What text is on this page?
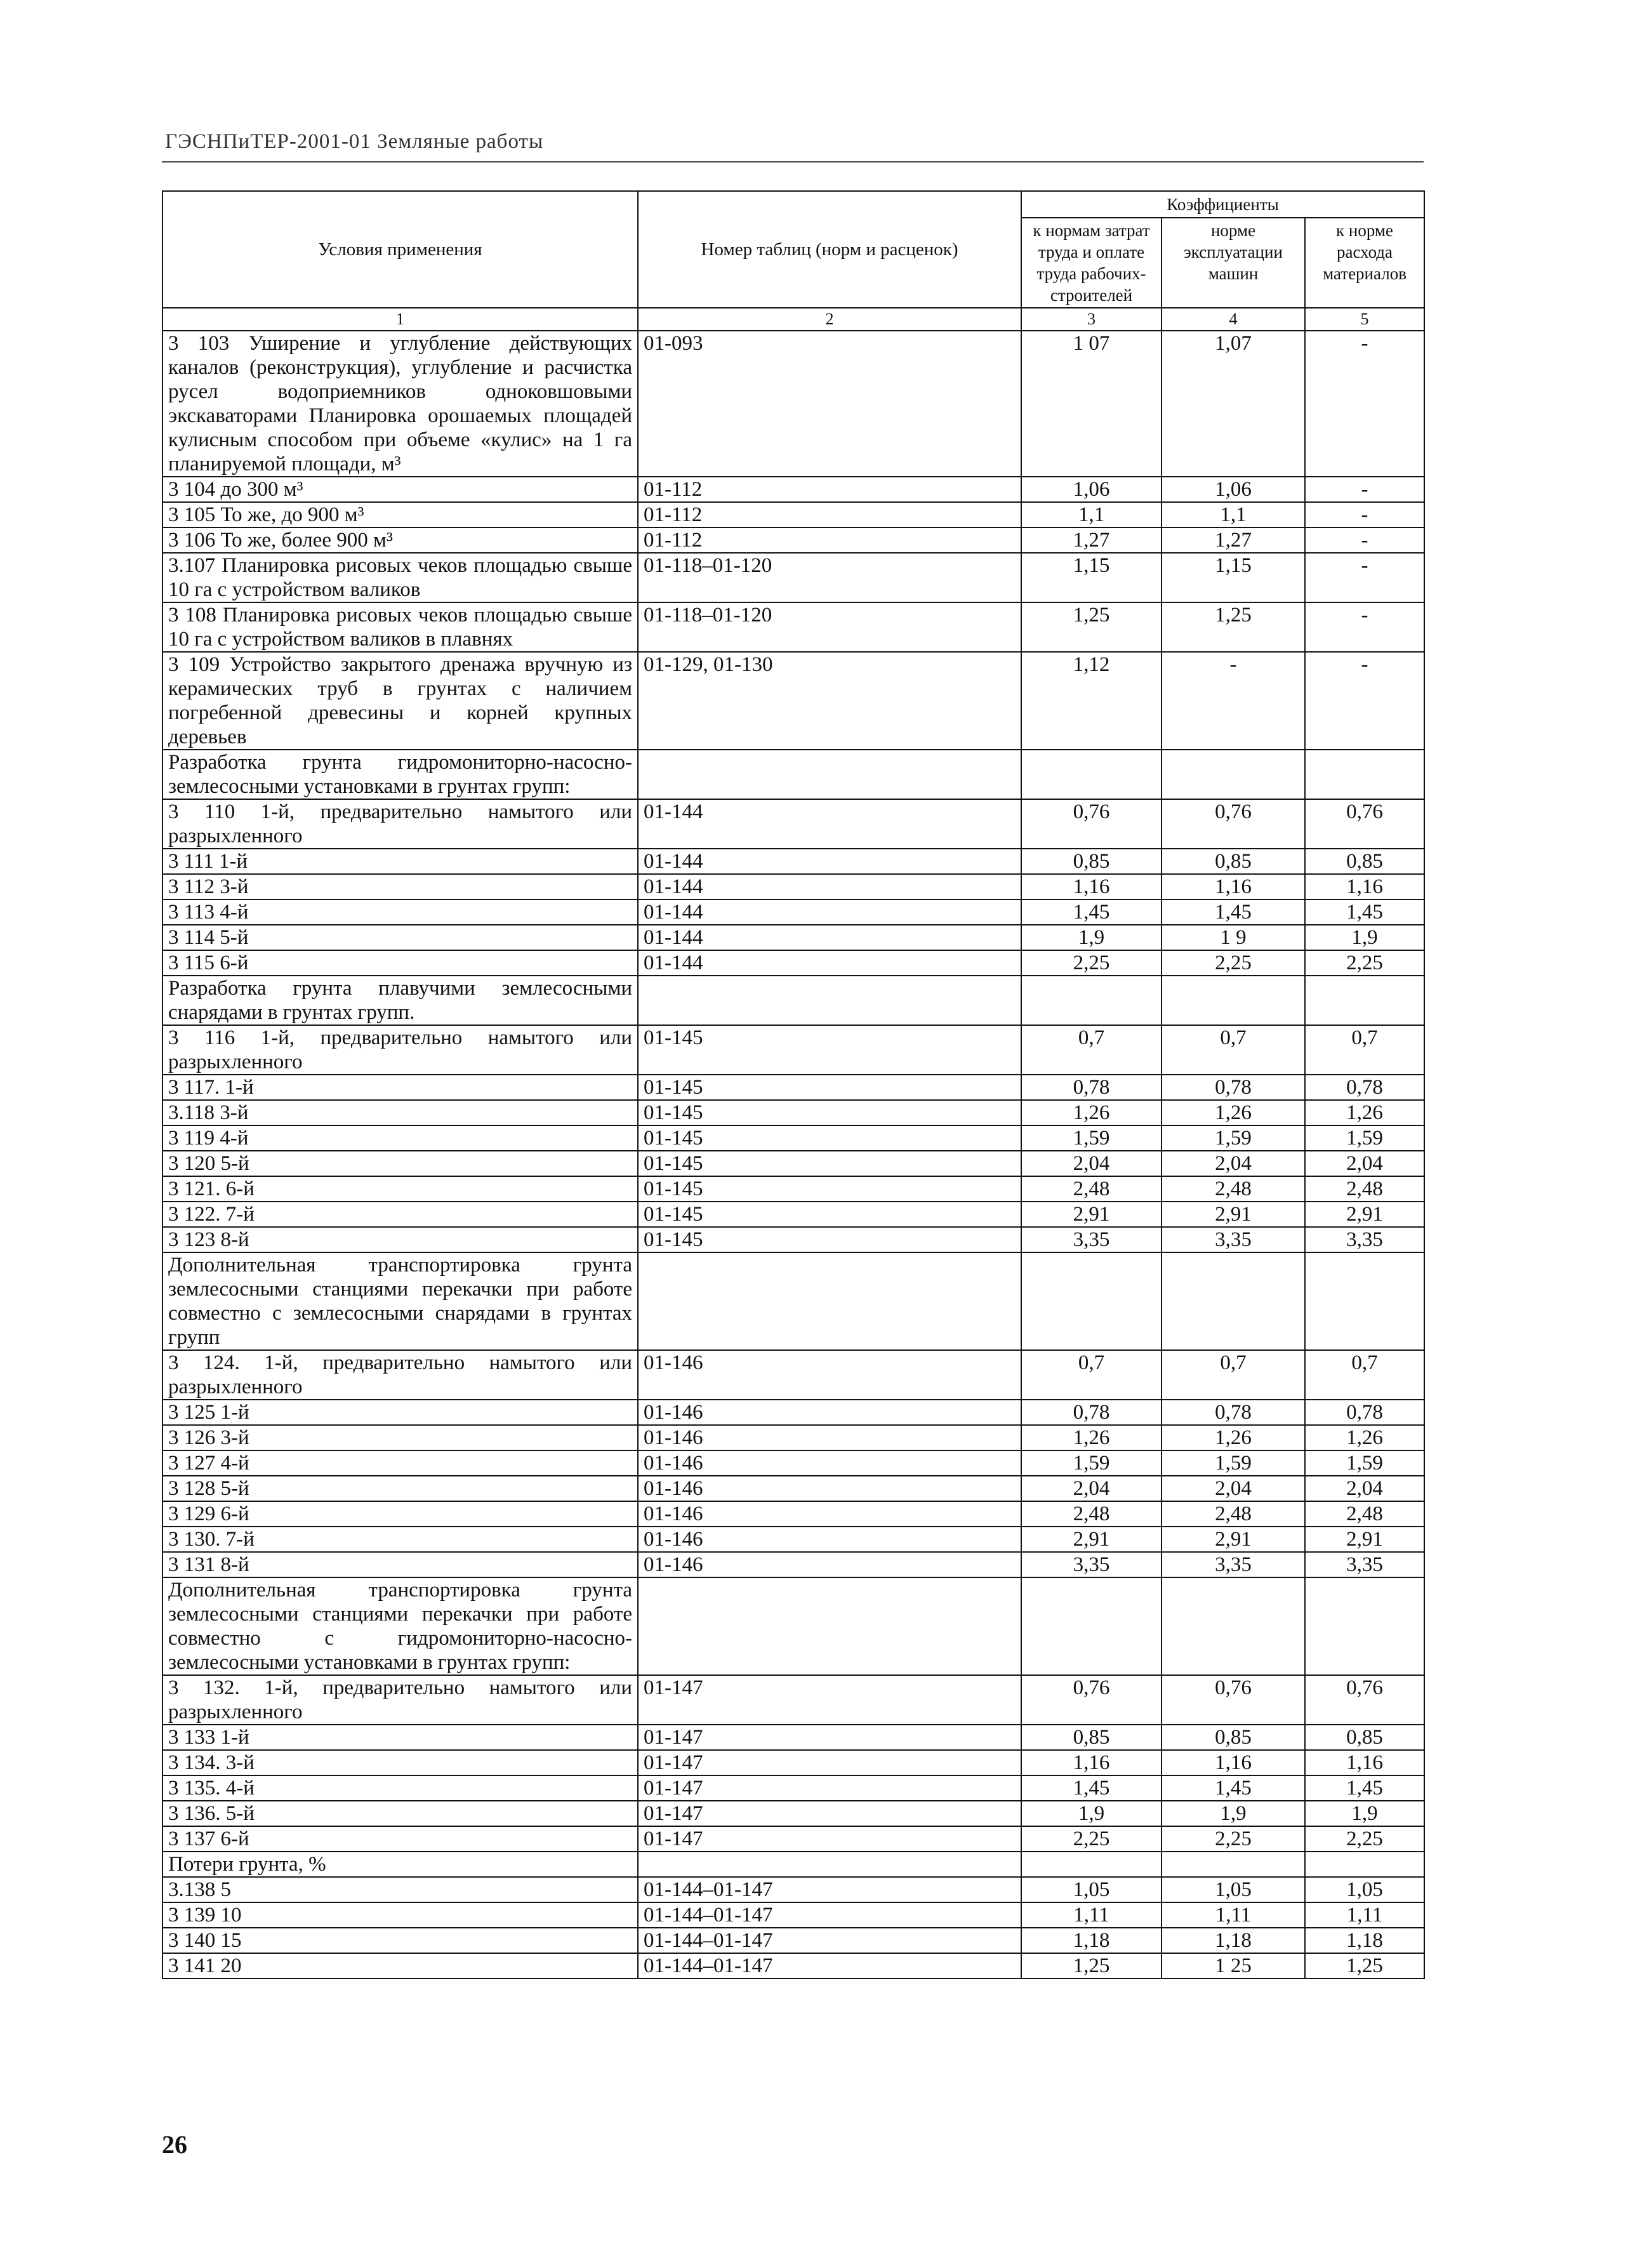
ГЭСНПиТЕР-2001-01 Земляные работы
Условия применения	Номер таблиц (норм и расценок)	Коэффициенты		
		к нормам затрат труда и оплате труда рабочих-строителей	норме эксплуатации машин	к норме расхода материалов
1	2	3	4	5
3 103 Уширение и углубление действующих каналов (реконструкция), углубление и расчистка русел водоприемников одноковшовыми экскаваторами Планировка орошаемых площадей кулисным способом при объеме «кулис» на 1 га планируемой площади, м³	01-093	1 07	1,07	-
3 104 до 300 м³	01-112	1,06	1,06	-
3 105 То же, до 900 м³	01-112	1,1	1,1	-
3 106 То же, более 900 м³	01-112	1,27	1,27	-
3.107 Планировка рисовых чеков площадью свыше 10 га с устройством валиков	01-118–01-120	1,15	1,15	-
3 108 Планировка рисовых чеков площадью свыше 10 га с устройством валиков в плавнях	01-118–01-120	1,25	1,25	-
3 109 Устройство закрытого дренажа вручную из керамических труб в грунтах с наличием погребенной древесины и корней крупных деревьев	01-129, 01-130	1,12	-	-
Разработка грунта гидромониторно-насосно-землесосными установками в грунтах групп:				
3 110 1-й, предварительно намытого или разрыхленного	01-144	0,76	0,76	0,76
3 111 1-й	01-144	0,85	0,85	0,85
3 112 3-й	01-144	1,16	1,16	1,16
3 113 4-й	01-144	1,45	1,45	1,45
3 114 5-й	01-144	1,9	1 9	1,9
3 115 6-й	01-144	2,25	2,25	2,25
Разработка грунта плавучими землесосными снарядами в грунтах групп.				
3 116 1-й, предварительно намытого или разрыхленного	01-145	0,7	0,7	0,7
3 117. 1-й	01-145	0,78	0,78	0,78
3.118 3-й	01-145	1,26	1,26	1,26
3 119 4-й	01-145	1,59	1,59	1,59
3 120 5-й	01-145	2,04	2,04	2,04
3 121. 6-й	01-145	2,48	2,48	2,48
3 122. 7-й	01-145	2,91	2,91	2,91
3 123 8-й	01-145	3,35	3,35	3,35
Дополнительная транспортировка грунта землесосными станциями перекачки при работе совместно с землесосными снарядами в грунтах групп				
3 124. 1-й, предварительно намытого или разрыхленного	01-146	0,7	0,7	0,7
3 125 1-й	01-146	0,78	0,78	0,78
3 126 3-й	01-146	1,26	1,26	1,26
3 127 4-й	01-146	1,59	1,59	1,59
3 128 5-й	01-146	2,04	2,04	2,04
3 129 6-й	01-146	2,48	2,48	2,48
3 130. 7-й	01-146	2,91	2,91	2,91
3 131 8-й	01-146	3,35	3,35	3,35
Дополнительная транспортировка грунта землесосными станциями перекачки при работе совместно с гидромониторно-насосно-землесосными установками в грунтах групп:				
3 132. 1-й, предварительно намытого или разрыхленного	01-147	0,76	0,76	0,76
3 133 1-й	01-147	0,85	0,85	0,85
3 134. 3-й	01-147	1,16	1,16	1,16
3 135. 4-й	01-147	1,45	1,45	1,45
3 136. 5-й	01-147	1,9	1,9	1,9
3 137 6-й	01-147	2,25	2,25	2,25
Потери грунта, %				
3.138 5	01-144–01-147	1,05	1,05	1,05
3 139 10	01-144–01-147	1,11	1,11	1,11
3 140 15	01-144–01-147	1,18	1,18	1,18
3 141 20	01-144–01-147	1,25	1 25	1,25
26
